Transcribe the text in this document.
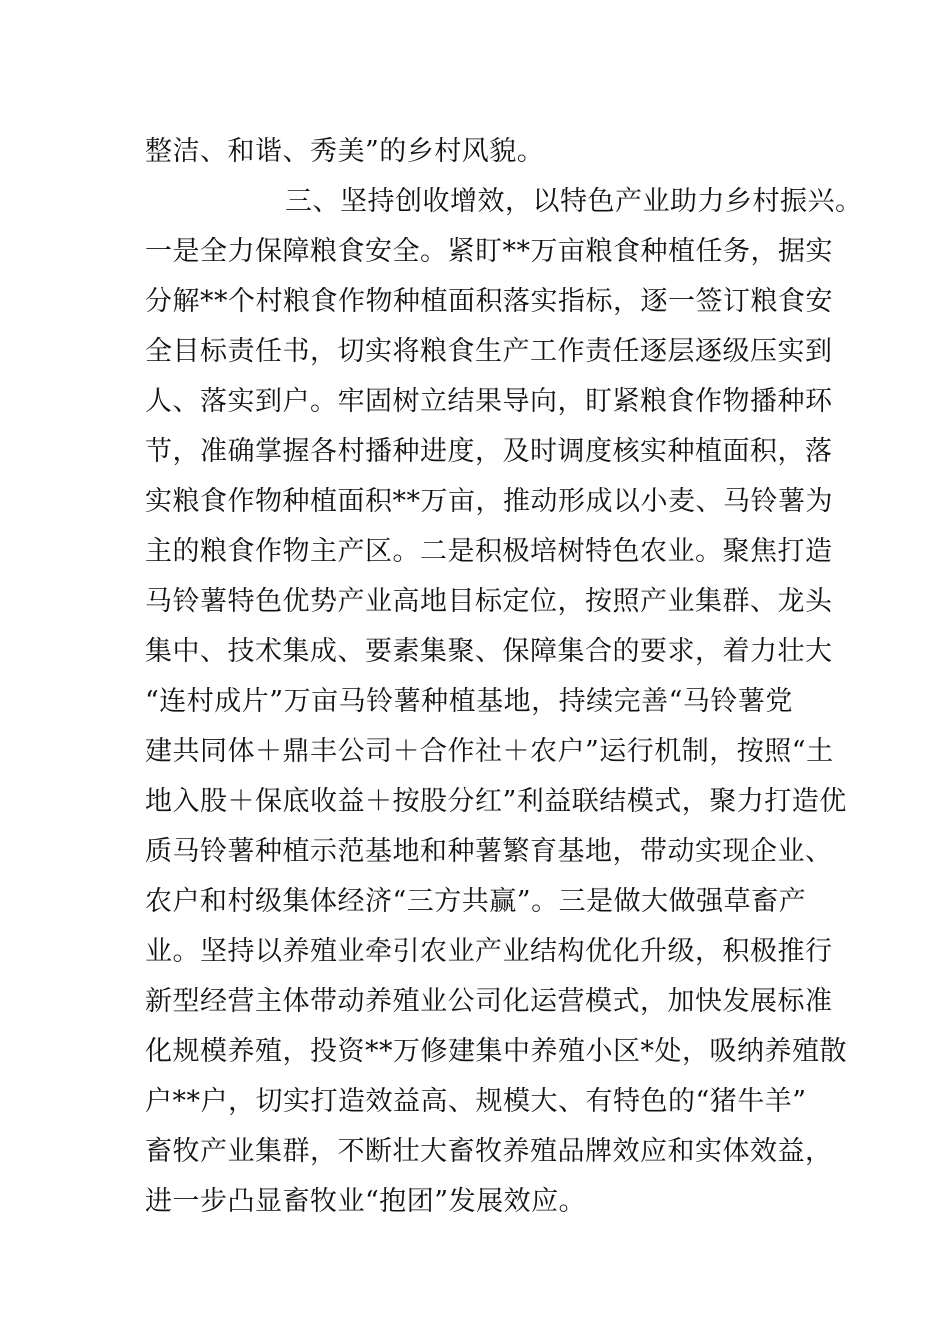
整洁、和谐、秀美”的乡村风貌。
三、坚持创收增效，以特色产业助力乡村振兴。
一是全力保障粮食安全。紧盯**万亩粮食种植任务，据实
分解**个村粮食作物种植面积落实指标，逐一签订粮食安
全目标责任书，切实将粮食生产工作责任逐层逐级压实到
人、落实到户。牢固树立结果导向，盯紧粮食作物播种环
节，准确掌握各村播种进度，及时调度核实种植面积，落
实粮食作物种植面积**万亩，推动形成以小麦、马铃薯为
主的粮食作物主产区。二是积极培树特色农业。聚焦打造
马铃薯特色优势产业高地目标定位，按照产业集群、龙头
集中、技术集成、要素集聚、保障集合的要求，着力壮大
“连村成片”万亩马铃薯种植基地，持续完善“马铃薯党
建共同体＋鼎丰公司＋合作社＋农户”运行机制，按照“土
地入股＋保底收益＋按股分红”利益联结模式，聚力打造优
质马铃薯种植示范基地和种薯繁育基地，带动实现企业、
农户和村级集体经济“三方共赢”。三是做大做强草畜产
业。坚持以养殖业牵引农业产业结构优化升级，积极推行
新型经营主体带动养殖业公司化运营模式，加快发展标准
化规模养殖，投资**万修建集中养殖小区*处，吸纳养殖散
户**户，切实打造效益高、规模大、有特色的“猪牛羊”
畜牧产业集群，不断壮大畜牧养殖品牌效应和实体效益，
进一步凸显畜牧业“抱团”发展效应。
